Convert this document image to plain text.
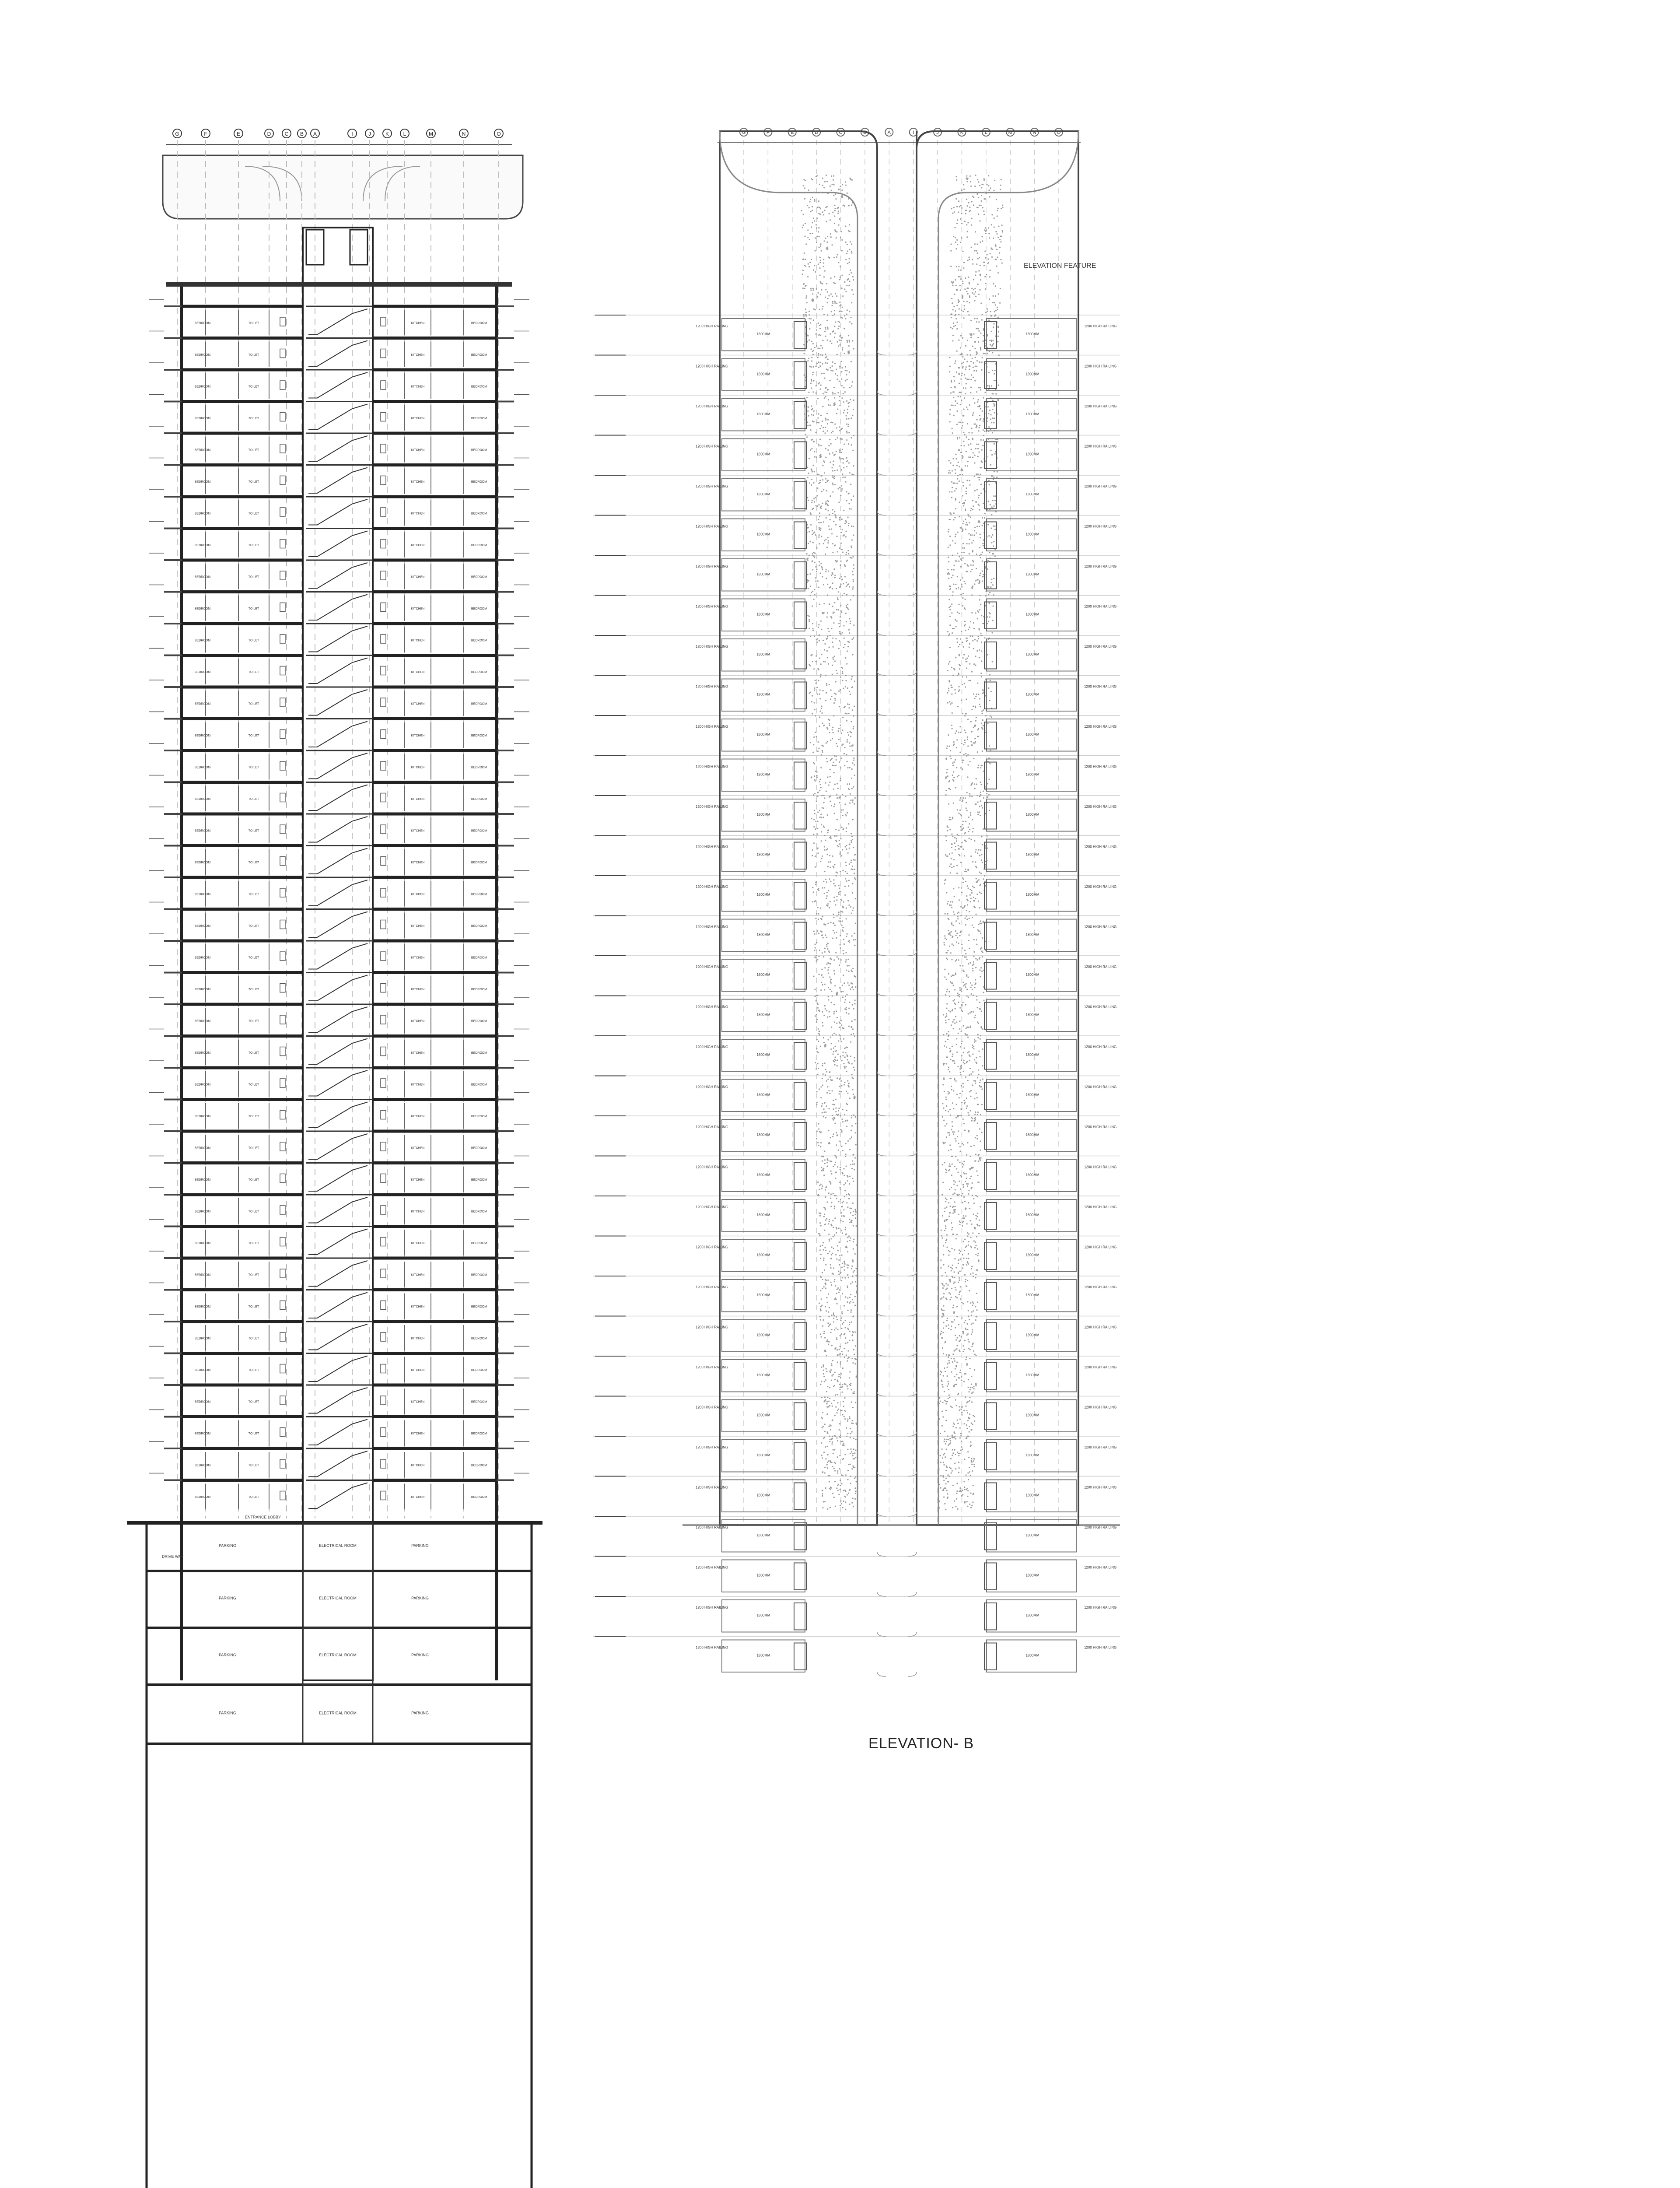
G	F	E	D	C B A	I	J	K	L	M	N	O
BEDROOM	TOILET	KITCHEN	BEDROOM
BEDROOM	TOILET	KITCHEN	BEDROOM
BEDROOM	TOILET	KITCHEN	BEDROOM
BEDROOM	TOILET	KITCHEN	BEDROOM
BEDROOM	TOILET	KITCHEN	BEDROOM
BEDROOM	TOILET	KITCHEN	BEDROOM
BEDROOM	TOILET	KITCHEN	BEDROOM
BEDROOM	TOILET	KITCHEN	BEDROOM
BEDROOM	TOILET	KITCHEN	BEDROOM
BEDROOM	TOILET	KITCHEN	BEDROOM
BEDROOM	TOILET	KITCHEN	BEDROOM
BEDROOM	TOILET	KITCHEN	BEDROOM
BEDROOM	TOILET	KITCHEN	BEDROOM
BEDROOM	TOILET	KITCHEN	BEDROOM
BEDROOM	TOILET	KITCHEN	BEDROOM
BEDROOM	TOILET	KITCHEN	BEDROOM
BEDROOM	TOILET	KITCHEN	BEDROOM
BEDROOM	TOILET	KITCHEN	BEDROOM
BEDROOM	TOILET	KITCHEN	BEDROOM
BEDROOM	TOILET	KITCHEN	BEDROOM
BEDROOM	TOILET	KITCHEN	BEDROOM
BEDROOM	TOILET	KITCHEN	BEDROOM
BEDROOM	TOILET	KITCHEN	BEDROOM
BEDROOM	TOILET	KITCHEN	BEDROOM
BEDROOM	TOILET	KITCHEN	BEDROOM
BEDROOM	TOILET	KITCHEN	BEDROOM
BEDROOM	TOILET	KITCHEN	BEDROOM
BEDROOM	TOILET	KITCHEN	BEDROOM
BEDROOM	TOILET	KITCHEN	BEDROOM
BEDROOM	TOILET	KITCHEN	BEDROOM
BEDROOM	TOILET	KITCHEN	BEDROOM
BEDROOM	TOILET	KITCHEN	BEDROOM
BEDROOM	TOILET	KITCHEN	BEDROOM
BEDROOM	TOILET	KITCHEN	BEDROOM
BEDROOM	TOILET	KITCHEN	BEDROOM
BEDROOM	TOILET	KITCHEN	BEDROOM
BEDROOM	TOILET	KITCHEN	BEDROOM
BEDROOM	TOILET	KITCHEN	BEDROOM
PARKING	ELECTRICAL ROOM	PARKING
PARKING	ELECTRICAL ROOM	PARKING
PARKING	ELECTRICAL ROOM	PARKING
PARKING	ELECTRICAL ROOM	PARKING
DRIVE WAY
ENTRANCE LOBBY
G	F	E	D	C	B	A	I	J	K	L	M	N	O
1800MM
1200 HIGH RAILING
1800MM
1200 HIGH RAILING
1800MM
1200 HIGH RAILING
1800MM
1200 HIGH RAILING
1800MM
1200 HIGH RAILING
1800MM
1200 HIGH RAILING
1800MM
1200 HIGH RAILING
1800MM
1200 HIGH RAILING
1800MM
1200 HIGH RAILING
1800MM
1200 HIGH RAILING
1800MM
1200 HIGH RAILING
1800MM
1200 HIGH RAILING
1800MM
1200 HIGH RAILING
1800MM
1200 HIGH RAILING
1800MM
1200 HIGH RAILING
1800MM
1200 HIGH RAILING
1800MM
1200 HIGH RAILING
1800MM
1200 HIGH RAILING
1800MM
1200 HIGH RAILING
1800MM
1200 HIGH RAILING
1800MM
1200 HIGH RAILING
1800MM
1200 HIGH RAILING
1800MM
1200 HIGH RAILING
1800MM
1200 HIGH RAILING
1800MM
1200 HIGH RAILING
1800MM
1200 HIGH RAILING
1800MM
1200 HIGH RAILING
1800MM
1200 HIGH RAILING
1800MM
1200 HIGH RAILING
1800MM
1200 HIGH RAILING
1800MM
1200 HIGH RAILING
1800MM
1200 HIGH RAILING
1800MM
1200 HIGH RAILING
1800MM
1200 HIGH RAILING
1800MM
1200 HIGH RAILING
1800MM
1200 HIGH RAILING
1800MM
1200 HIGH RAILING
1800MM
1200 HIGH RAILING
1800MM
1200 HIGH RAILING
1800MM
1200 HIGH RAILING
1800MM
1200 HIGH RAILING
1800MM
1200 HIGH RAILING
1800MM
1200 HIGH RAILING
1800MM
1200 HIGH RAILING
1800MM
1200 HIGH RAILING
1800MM
1200 HIGH RAILING
1800MM
1200 HIGH RAILING
1800MM
1200 HIGH RAILING
1800MM
1200 HIGH RAILING
1800MM
1200 HIGH RAILING
1800MM
1200 HIGH RAILING
1800MM
1200 HIGH RAILING
1800MM
1200 HIGH RAILING
1800MM
1200 HIGH RAILING
1800MM
1200 HIGH RAILING
1800MM
1200 HIGH RAILING
1800MM
1200 HIGH RAILING
1800MM
1200 HIGH RAILING
1800MM
1200 HIGH RAILING
1800MM
1200 HIGH RAILING
1800MM
1200 HIGH RAILING
1800MM
1200 HIGH RAILING
1800MM
1200 HIGH RAILING
1800MM
1200 HIGH RAILING
1800MM
1200 HIGH RAILING
1800MM
1200 HIGH RAILING
1800MM
1200 HIGH RAILING
1800MM
1200 HIGH RAILING
ELEVATION FEATURE
ELEVATION- B
